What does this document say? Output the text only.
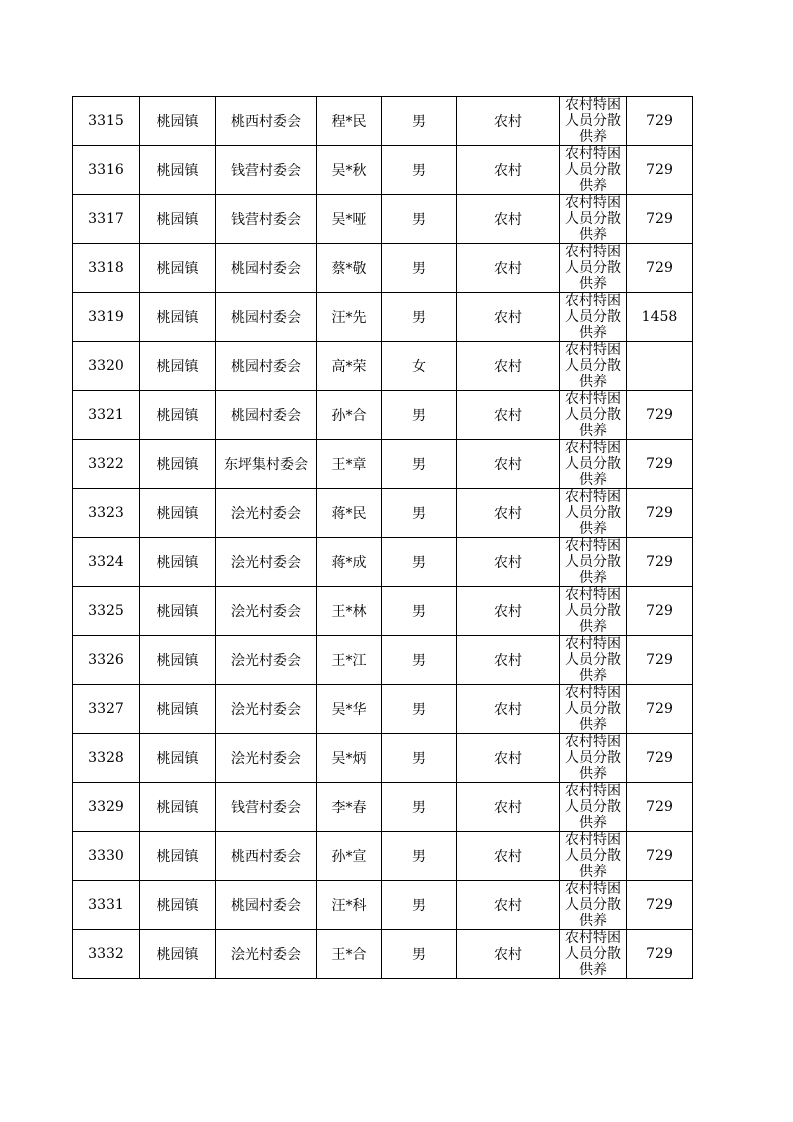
3315	桃园镇	桃西村委会	程*民	男	农村	农村特困人员分散供养	729
3316	桃园镇	钱营村委会	吴*秋	男	农村	农村特困人员分散供养	729
3317	桃园镇	钱营村委会	吴*哑	男	农村	农村特困人员分散供养	729
3318	桃园镇	桃园村委会	蔡*敬	男	农村	农村特困人员分散供养	729
3319	桃园镇	桃园村委会	汪*先	男	农村	农村特困人员分散供养	1458
3320	桃园镇	桃园村委会	高*荣	女	农村	农村特困人员分散供养	

3321	桃园镇	桃园村委会	孙*合	男	农村	农村特困人员分散供养	729
3322	桃园镇	东坪集村委会	王*章	男	农村	农村特困人员分散供养	729
3323	桃园镇	浍光村委会	蒋*民	男	农村	农村特困人员分散供养	729
3324	桃园镇	浍光村委会	蒋*成	男	农村	农村特困人员分散供养	729
3325	桃园镇	浍光村委会	王*林	男	农村	农村特困人员分散供养	729
3326	桃园镇	浍光村委会	王*江	男	农村	农村特困人员分散供养	729
3327	桃园镇	浍光村委会	吴*华	男	农村	农村特困人员分散供养	729
3328	桃园镇	浍光村委会	吴*炳	男	农村	农村特困人员分散供养	729
3329	桃园镇	钱营村委会	李*春	男	农村	农村特困人员分散供养	729
3330	桃园镇	桃西村委会	孙*宣	男	农村	农村特困人员分散供养	729
3331	桃园镇	桃园村委会	汪*科	男	农村	农村特困人员分散供养	729
3332	桃园镇	浍光村委会	王*合	男	农村	农村特困人员分散供养	729
